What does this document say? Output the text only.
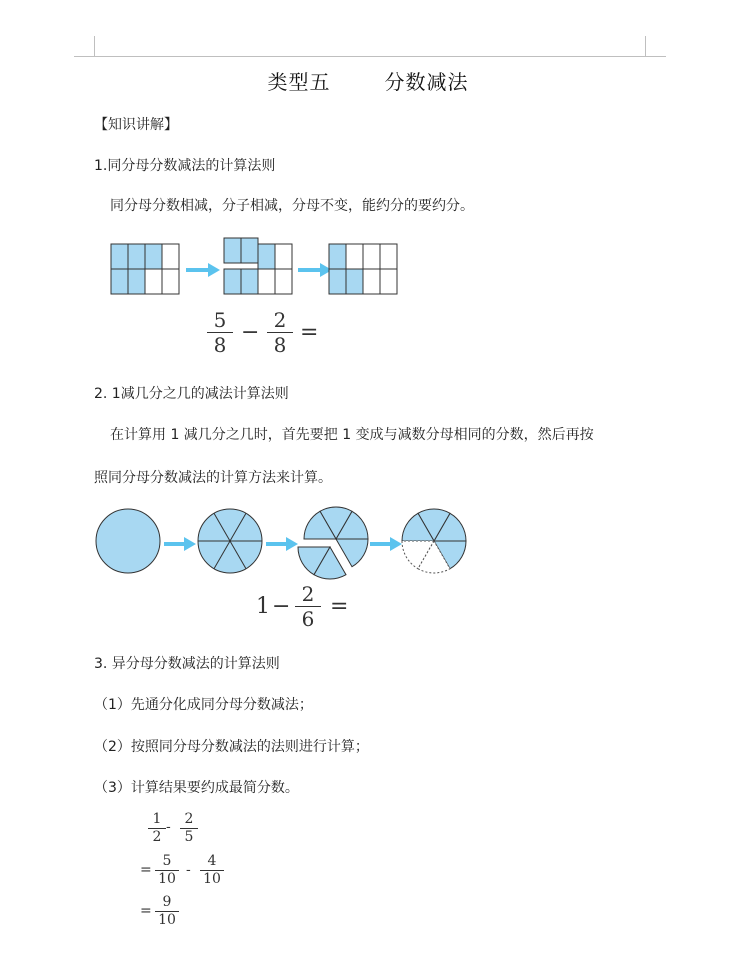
类型五	分数减法
【知识讲解】
1.同分母分数减法的计算法则
同分母分数相减，分子相减，分母不变，能约分的要约分。
5
8 − 2
8 =
2. 1减几分之几的减法计算法则
在计算用 1 减几分之几时，首先要把 1 变成与减数分母相同的分数，然后再按
照同分母分数减法的计算方法来计算。
1 − 2
6 =
3. 异分母分数减法的计算法则
（1）先通分化成同分母分数减法；
（2）按照同分母分数减法的法则进行计算；
（3）计算结果要约成最简分数。
1
2
- 2
5
=
5
10
-
4
10
=
9
10
